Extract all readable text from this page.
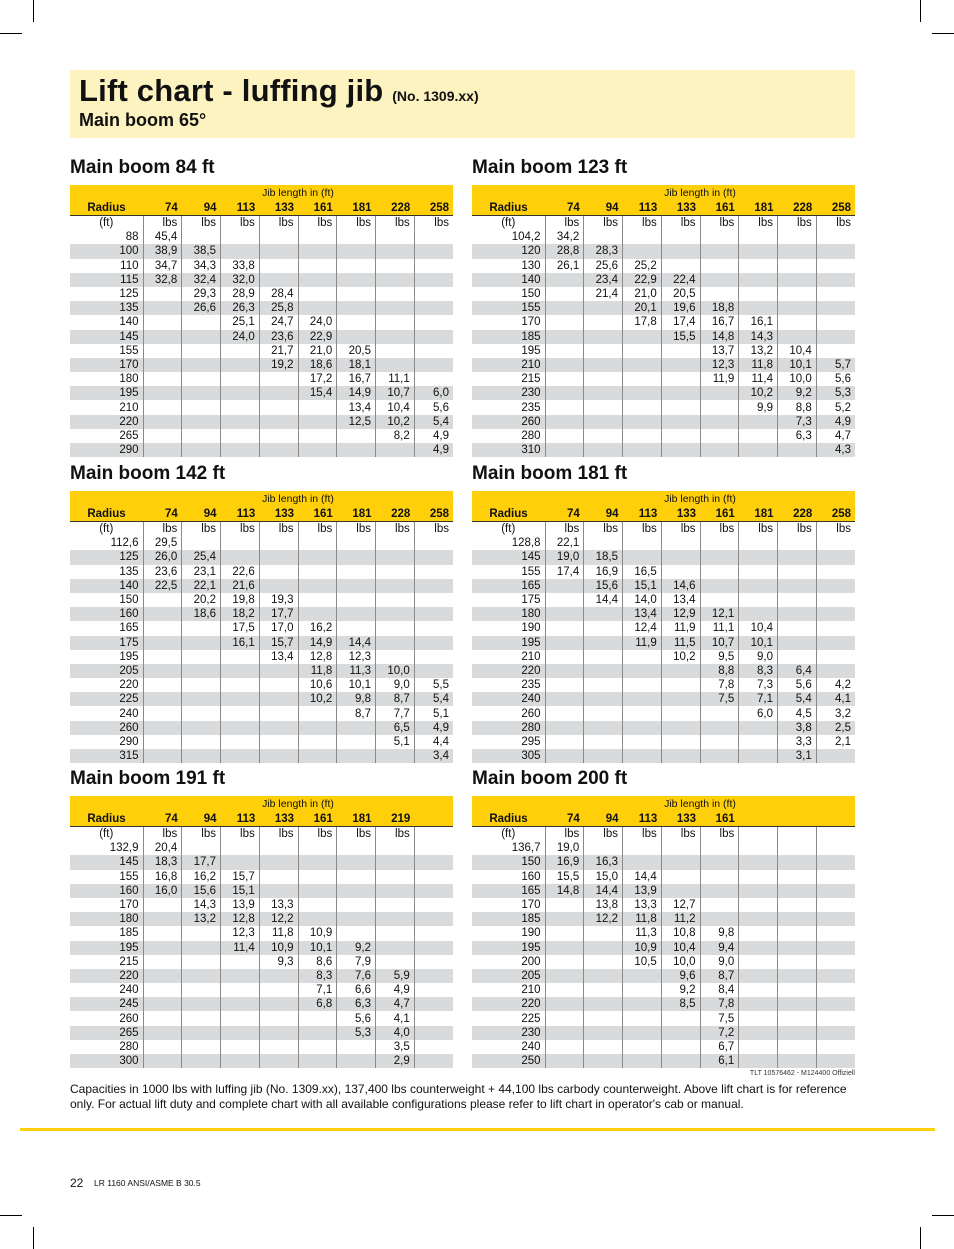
Lift chart - luffing jib (No. 1309.xx)
Main boom 65°
Main boom 84 ft
	Jib length in (ft)							
Radius	74	94	113	133	161	181	228	258
(ft)	lbs	lbs	lbs	lbs	lbs	lbs	lbs	lbs
88	45,4							
100	38,9	38,5						
110	34,7	34,3	33,8					
115	32,8	32,4	32,0					
125		29,3	28,9	28,4				
135		26,6	26,3	25,8				
140			25,1	24,7	24,0			
145			24,0	23,6	22,9			
155				21,7	21,0	20,5		
170				19,2	18,6	18,1		
180					17,2	16,7	11,1	
195					15,4	14,9	10,7	6,0
210						13,4	10,4	5,6
220						12,5	10,2	5,4
265							8,2	4,9
290								4,9
Main boom 123 ft
	Jib length in (ft)							
Radius	74	94	113	133	161	181	228	258
(ft)	lbs	lbs	lbs	lbs	lbs	lbs	lbs	lbs
104,2	34,2							
120	28,8	28,3						
130	26,1	25,6	25,2					
140		23,4	22,9	22,4				
150		21,4	21,0	20,5				
155			20,1	19,6	18,8			
170			17,8	17,4	16,7	16,1		
185				15,5	14,8	14,3		
195					13,7	13,2	10,4	
210					12,3	11,8	10,1	5,7
215					11,9	11,4	10,0	5,6
230						10,2	9,2	5,3
235						9,9	8,8	5,2
260							7,3	4,9
280							6,3	4,7
310								4,3
Main boom 142 ft
	Jib length in (ft)							
Radius	74	94	113	133	161	181	228	258
(ft)	lbs	lbs	lbs	lbs	lbs	lbs	lbs	lbs
112,6	29,5							
125	26,0	25,4						
135	23,6	23,1	22,6					
140	22,5	22,1	21,6					
150		20,2	19,8	19,3				
160		18,6	18,2	17,7				
165			17,5	17,0	16,2			
175			16,1	15,7	14,9	14,4		
195				13,4	12,8	12,3		
205					11,8	11,3	10,0	
220					10,6	10,1	9,0	5,5
225					10,2	9,8	8,7	5,4
240						8,7	7,7	5,1
260							6,5	4,9
290							5,1	4,4
315								3,4
Main boom 181 ft
	Jib length in (ft)							
Radius	74	94	113	133	161	181	228	258
(ft)	lbs	lbs	lbs	lbs	lbs	lbs	lbs	lbs
128,8	22,1							
145	19,0	18,5						
155	17,4	16,9	16,5					
165		15,6	15,1	14,6				
175		14,4	14,0	13,4				
180			13,4	12,9	12,1			
190			12,4	11,9	11,1	10,4		
195			11,9	11,5	10,7	10,1		
210				10,2	9,5	9,0		
220					8,8	8,3	6,4	
235					7,8	7,3	5,6	4,2
240					7,5	7,1	5,4	4,1
260						6,0	4,5	3,2
280							3,8	2,5
295							3,3	2,1
305							3,1	
Main boom 191 ft
	Jib length in (ft)							
Radius	74	94	113	133	161	181	219	
(ft)	lbs	lbs	lbs	lbs	lbs	lbs	lbs	
132,9	20,4							
145	18,3	17,7						
155	16,8	16,2	15,7					
160	16,0	15,6	15,1					
170		14,3	13,9	13,3				
180		13,2	12,8	12,2				
185			12,3	11,8	10,9			
195			11,4	10,9	10,1	9,2		
215				9,3	8,6	7,9		
220					8,3	7,6	5,9	
240					7,1	6,6	4,9	
245					6,8	6,3	4,7	
260						5,6	4,1	
265						5,3	4,0	
280							3,5	
300							2,9	
Main boom 200 ft
	Jib length in (ft)							
Radius	74	94	113	133	161			
(ft)	lbs	lbs	lbs	lbs	lbs			
136,7	19,0							
150	16,9	16,3						
160	15,5	15,0	14,4					
165	14,8	14,4	13,9					
170		13,8	13,3	12,7				
185		12,2	11,8	11,2				
190			11,3	10,8	9,8			
195			10,9	10,4	9,4			
200			10,5	10,0	9,0			
205				9,6	8,7			
210				9,2	8,4			
220				8,5	7,8			
225					7,5			
230					7,2			
240					6,7			
250					6,1			
TLT 10576462 - M124400 Offiziell
Capacities in 1000 lbs with luffing jib (No. 1309.xx), 137,400 lbs counterweight + 44,100 lbs carbody counterweight. Above lift chart is for reference only. For actual lift duty and complete chart with all available configurations please refer to lift chart in operator's cab or manual.
22 LR 1160 ANSI/ASME B 30.5
